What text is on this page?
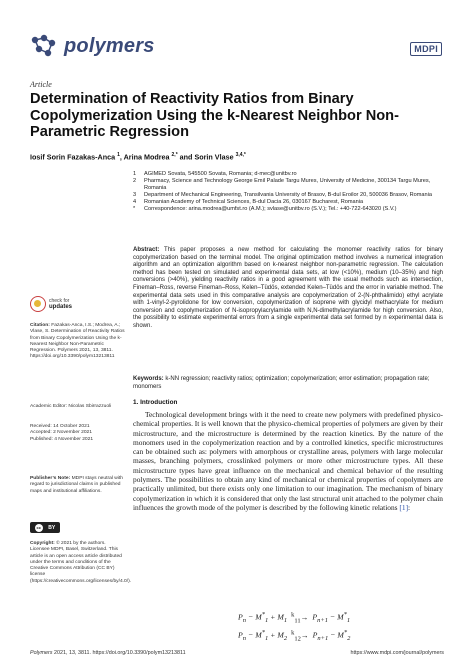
polymers	MDPI
Article
Determination of Reactivity Ratios from Binary Copolymerization Using the k-Nearest Neighbor Non-Parametric Regression
Iosif Sorin Fazakas-Anca $^1$, Arina Modrea $^{2,*}$ and Sorin Vlase $^{3,4,*}$
1	AGIMED Sovata, 545500 Sovata, Romania; d-mec@unitbv.ro
2	Pharmacy, Science and Technology George Emil Palade Targu Mures, University of Medicine, 300134 Targu Mures, Romania
3	Department of Mechanical Engineering, Transilvania University of Brasov, B-dul Eroilor 20, 500036 Brasov, Romania
4	Romanian Academy of Technical Sciences, B-dul Dacia 26, 030167 Bucharest, Romania
*	Correspondence: arina.modrea@umfst.ro (A.M.); svlase@unitbv.ro (S.V.); Tel.: +40-722-643020 (S.V.)
Abstract: This paper proposes a new method for calculating the monomer reactivity ratios for binary copolymerization based on the terminal model. The original optimization method involves a numerical integration algorithm and an optimization algorithm based on k-nearest neighbor non-parametric regression. The calculation method has been tested on simulated and experimental data sets, at low (<10%), medium (10–35%) and high conversions (>40%), yielding reactivity ratios in a good agreement with the usual methods such as intersection, Fineman–Ross, reverse Fineman–Ross, Kelen–Tüdös, extended Kelen–Tüdös and the error in variable method. The experimental data sets used in this comparative analysis are copolymerization of 2-(N-phthalimido) ethyl acrylate with 1-vinyl-2-pyrolidone for low conversion, copolymerization of isoprene with glycidyl methacrylate for medium conversion and copolymerization of N-isopropylacrylamide with N,N-dimethylacrylamide for high conversion. Also, the possibility to estimate experimental errors from a single experimental data set formed by n experimental data is shown.
Keywords: k-NN regression; reactivity ratios; optimization; copolymerization; error estimation; propagation rate; monomers
check for
updates
Citation: Fazakas-Anca, I.S.; Modrea, A.; Vlase, S. Determination of Reactivity Ratios from Binary Copolymerization Using the k-Nearest Neighbor Non-Parametric Regression. Polymers 2021, 13, 3811. https://doi.org/10.3390/polym13213811
Academic Editor: Nicolas Sbirrazzuoli
Received: 14 October 2021
Accepted: 2 November 2021
Published: 4 November 2021
Publisher’s Note: MDPI stays neutral with regard to jurisdictional claims in published maps and institutional affiliations.
cc	BY
Copyright: © 2021 by the authors. Licensee MDPI, Basel, Switzerland. This article is an open access article distributed under the terms and conditions of the Creative Commons Attribution (CC BY) license (https://creativecommons.org/licenses/by/4.0/).
1. Introduction

Technological development brings with it the need to create new polymers with predefined physico-chemical properties. It is well known that the physico-chemical properties of polymers are given by their microstructure, and the microstructure is determined by the reaction kinetics. By the nature of the monomers used in the copolymerization reaction and by a controlled kinetics, specific microstructures can be obtained such as: polymers with amorphous or crystalline areas, polymers with large molecular masses, branching polymers, crosslinked polymers or more other microstructure types. All these microstructure types have great influence on the mechanical and chemical behavior of the resulting polymers. The possibilities to obtain any kind of mechanical or chemical properties of copolymers are practically unlimited, but there exists only one limitation to our imagination. The mechanism of binary copolymerization in which it is considered that only the last structural unit attached to the polymer chain influences the growth mode of the polymer is described by the following kinetic relations [1]:

$P_n - M^*_1 + M_1$ $^k_{11}\to P_{n+1} - M^*_1$
$P_n - M^*_1 + M_2$ $^k_{12}\to P_{n+1} - M^*_2$
Polymers 2021, 13, 3811. https://doi.org/10.3390/polym13213811	https://www.mdpi.com/journal/polymers
